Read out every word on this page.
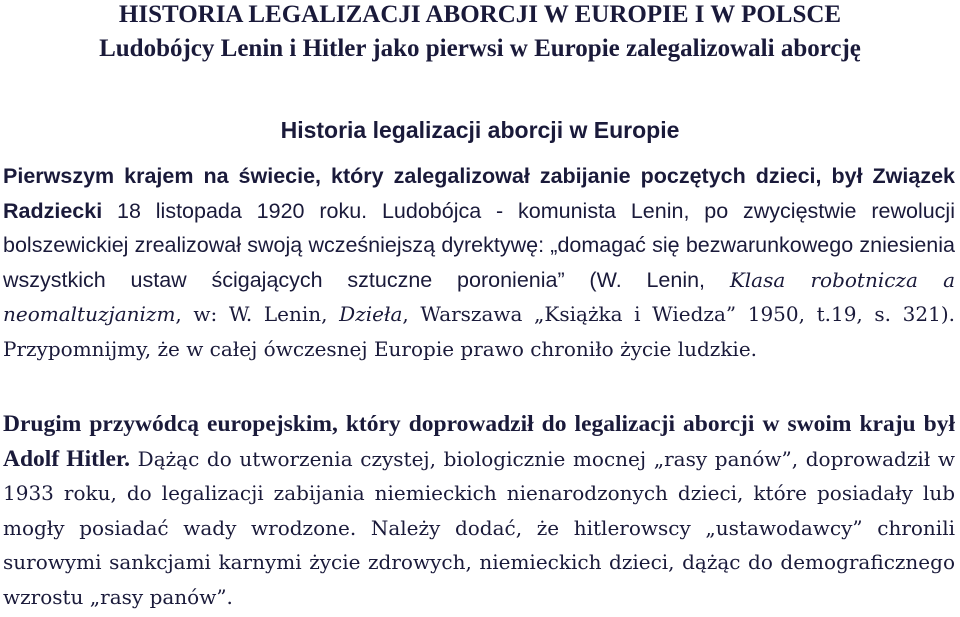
HISTORIA LEGALIZACJI ABORCJI W EUROPIE I W POLSCE
Ludobójcy Lenin i Hitler jako pierwsi w Europie zalegalizowali aborcję
Historia legalizacji aborcji w Europie

Pierwszym krajem na świecie, który zalegalizował zabijanie poczętych dzieci, był Związek Radziecki 18 listopada 1920 roku. Ludobójca - komunista Lenin, po zwycięstwie rewolucji bolszewickiej zrealizował swoją wcześniejszą dyrektywę: „domagać się bezwarunkowego zniesienia wszystkich ustaw ścigających sztuczne poronienia” (W. Lenin, Klasa robotnicza a neomaltuzjanizm, w: W. Lenin, Dzieła, Warszawa „Książka i Wiedza” 1950, t.19, s. 321). Przypomnijmy, że w całej ówczesnej Europie prawo chroniło życie ludzkie.

Drugim przywódcą europejskim, który doprowadził do legalizacji aborcji w swoim kraju był Adolf Hitler. Dążąc do utworzenia czystej, biologicznie mocnej „rasy panów”, doprowadził w 1933 roku, do legalizacji zabijania niemieckich nienarodzonych dzieci, które posiadały lub mogły posiadać wady wrodzone. Należy dodać, że hitlerowscy „ustawodawcy” chronili surowymi sankcjami karnymi życie zdrowych, niemieckich dzieci, dążąc do demograficznego wzrostu „rasy panów”.
